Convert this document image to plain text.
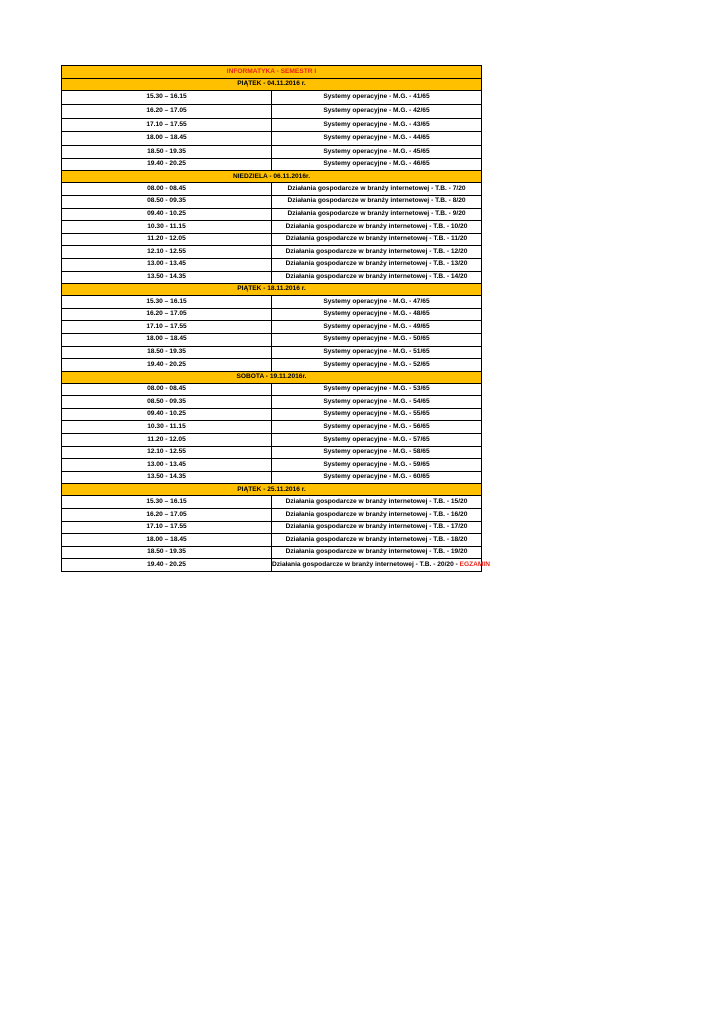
INFORMATYKA - SEMESTR I	
PIĄTEK - 04.11.2016 r.	
15.30 – 16.15	Systemy operacyjne - M.G. - 41/65
16.20 – 17.05	Systemy operacyjne - M.G. - 42/65
17.10 – 17.55	Systemy operacyjne - M.G. - 43/65
18.00 – 18.45	Systemy operacyjne - M.G. - 44/65
18.50 - 19.35	Systemy operacyjne - M.G. - 45/65
19.40 - 20.25	Systemy operacyjne - M.G. - 46/65
NIEDZIELA - 06.11.2016r.	
08.00 - 08.45	Działania gospodarcze w branży internetowej - T.B. - 7/20
08.50 - 09.35	Działania gospodarcze w branży internetowej - T.B. - 8/20
09.40 - 10.25	Działania gospodarcze w branży internetowej - T.B. - 9/20
10.30 - 11.15	Działania gospodarcze w branży internetowej - T.B. - 10/20
11.20 - 12.05	Działania gospodarcze w branży internetowej - T.B. - 11/20
12.10 - 12.55	Działania gospodarcze w branży internetowej - T.B. - 12/20
13.00 - 13.45	Działania gospodarcze w branży internetowej - T.B. - 13/20
13.50 - 14.35	Działania gospodarcze w branży internetowej - T.B. - 14/20
PIĄTEK - 18.11.2016 r.	
15.30 – 16.15	Systemy operacyjne - M.G. - 47/65
16.20 – 17.05	Systemy operacyjne - M.G. - 48/65
17.10 – 17.55	Systemy operacyjne - M.G. - 49/65
18.00 – 18.45	Systemy operacyjne - M.G. - 50/65
18.50 - 19.35	Systemy operacyjne - M.G. - 51/65
19.40 - 20.25	Systemy operacyjne - M.G. - 52/65
SOBOTA - 19.11.2016r.	
08.00 - 08.45	Systemy operacyjne - M.G. - 53/65
08.50 - 09.35	Systemy operacyjne - M.G. - 54/65
09.40 - 10.25	Systemy operacyjne - M.G. - 55/65
10.30 - 11.15	Systemy operacyjne - M.G. - 56/65
11.20 - 12.05	Systemy operacyjne - M.G. - 57/65
12.10 - 12.55	Systemy operacyjne - M.G. - 58/65
13.00 - 13.45	Systemy operacyjne - M.G. - 59/65
13.50 - 14.35	Systemy operacyjne - M.G. - 60/65
PIĄTEK - 25.11.2016 r.	
15.30 – 16.15	Działania gospodarcze w branży internetowej - T.B. - 15/20
16.20 – 17.05	Działania gospodarcze w branży internetowej - T.B. - 16/20
17.10 – 17.55	Działania gospodarcze w branży internetowej - T.B. - 17/20
18.00 – 18.45	Działania gospodarcze w branży internetowej - T.B. - 18/20
18.50 - 19.35	Działania gospodarcze w branży internetowej - T.B. - 19/20
19.40 - 20.25	Działania gospodarcze w branży internetowej - T.B. - 20/20 - EGZAMIN
